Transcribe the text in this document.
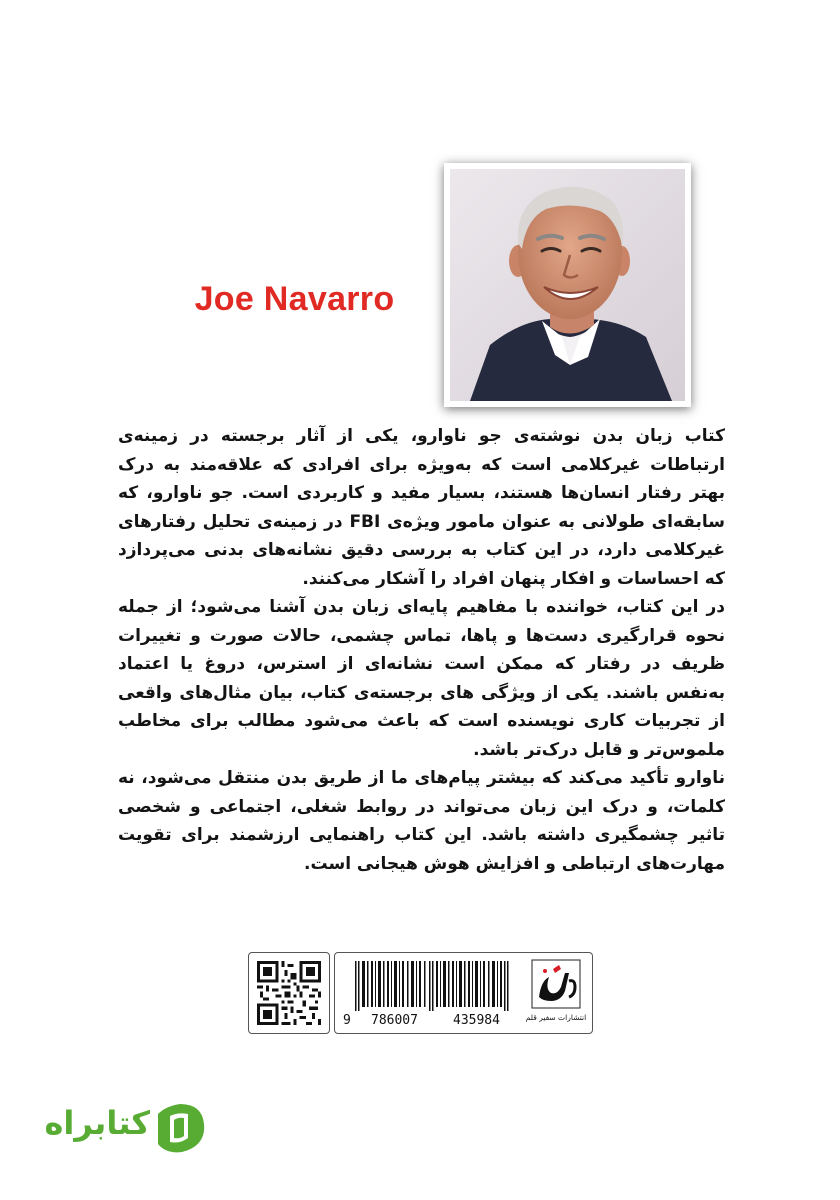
Joe Navarro

کتاب زبان بدن نوشته‌ی جو ناوارو، یکی از آثار برجسته در زمینه‌ی ارتباطات غیرکلامی است که به‌ویژه برای افرادی که علاقه‌مند به درک بهتر رفتار انسان‌ها هستند، بسیار مفید و کاربردی است. جو ناوارو، که سابقه‌ای طولانی به عنوان مامور ویژه‌ی FBI در زمینه‌ی تحلیل رفتارهای غیرکلامی دارد، در این کتاب به بررسی دقیق نشانه‌های بدنی می‌پردازد که احساسات و افکار پنهان افراد را آشکار می‌کنند.

در این کتاب، خواننده با مفاهیم پایه‌ای زبان بدن آشنا می‌شود؛ از جمله نحوه قرارگیری دست‌ها و پاها، تماس چشمی، حالات صورت و تغییرات ظریف در رفتار که ممکن است نشانه‌ای از استرس، دروغ یا اعتماد به‌نفس باشند. یکی از ویژگی های برجسته‌ی کتاب، بیان مثال‌های واقعی از تجربیات کاری نویسنده است که باعث می‌شود مطالب برای مخاطب ملموس‌تر و قابل درک‌تر باشد.

ناوارو تأکید می‌کند که بیشتر پیام‌های ما از طریق بدن منتقل می‌شود، نه کلمات، و درک این زبان می‌تواند در روابط شغلی، اجتماعی و شخصی تاثیر چشمگیری داشته باشد. این کتاب راهنمایی ارزشمند برای تقویت مهارت‌های ارتباطی و افزایش هوش هیجانی است.

9 786007	435984	انتشارات سفیر قلم
کتابراه
